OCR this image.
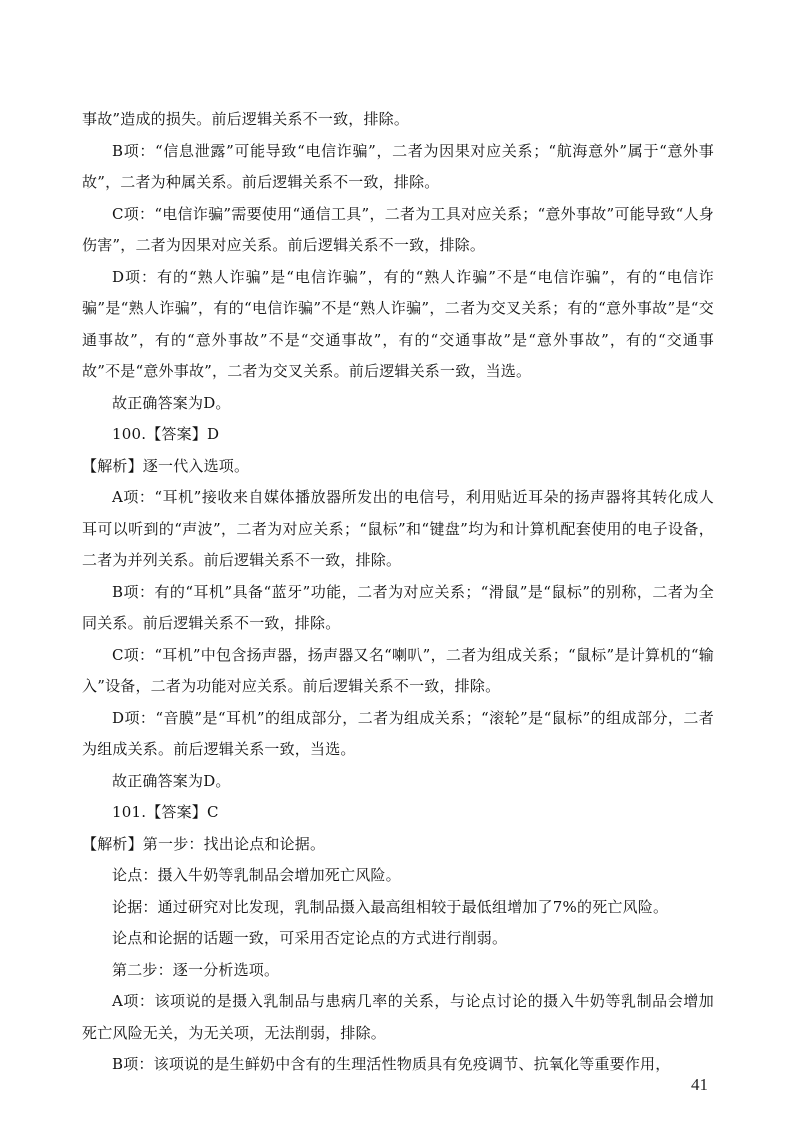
事故”造成的损失。前后逻辑关系不一致，排除。

B项：“信息泄露”可能导致“电信诈骗”，二者为因果对应关系；“航海意外”属于“意外事故”，二者为种属关系。前后逻辑关系不一致，排除。

C项：“电信诈骗”需要使用“通信工具”，二者为工具对应关系；“意外事故”可能导致“人身伤害”，二者为因果对应关系。前后逻辑关系不一致，排除。

D项：有的“熟人诈骗”是“电信诈骗”，有的“熟人诈骗”不是“电信诈骗”，有的“电信诈骗”是“熟人诈骗”，有的“电信诈骗”不是“熟人诈骗”，二者为交叉关系；有的“意外事故”是“交通事故”，有的“意外事故”不是“交通事故”，有的“交通事故”是“意外事故”，有的“交通事故”不是“意外事故”，二者为交叉关系。前后逻辑关系一致，当选。

故正确答案为D。

100.【答案】D

【解析】逐一代入选项。

A项：“耳机”接收来自媒体播放器所发出的电信号，利用贴近耳朵的扬声器将其转化成人耳可以听到的“声波”，二者为对应关系；“鼠标”和“键盘”均为和计算机配套使用的电子设备，二者为并列关系。前后逻辑关系不一致，排除。

B项：有的“耳机”具备“蓝牙”功能，二者为对应关系；“滑鼠”是“鼠标”的别称，二者为全同关系。前后逻辑关系不一致，排除。

C项：“耳机”中包含扬声器，扬声器又名“喇叭”，二者为组成关系；“鼠标”是计算机的“输入”设备，二者为功能对应关系。前后逻辑关系不一致，排除。

D项：“音膜”是“耳机”的组成部分，二者为组成关系；“滚轮”是“鼠标”的组成部分，二者为组成关系。前后逻辑关系一致，当选。

故正确答案为D。

101.【答案】C

【解析】第一步：找出论点和论据。

论点：摄入牛奶等乳制品会增加死亡风险。

论据：通过研究对比发现，乳制品摄入最高组相较于最低组增加了7%的死亡风险。

论点和论据的话题一致，可采用否定论点的方式进行削弱。

第二步：逐一分析选项。

A项：该项说的是摄入乳制品与患病几率的关系，与论点讨论的摄入牛奶等乳制品会增加死亡风险无关，为无关项，无法削弱，排除。

B项：该项说的是生鲜奶中含有的生理活性物质具有免疫调节、抗氧化等重要作用，

41
